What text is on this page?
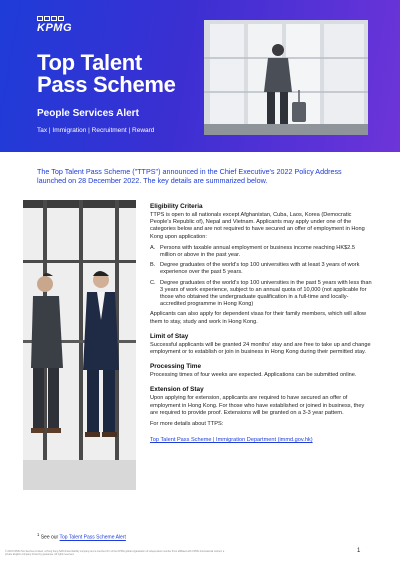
KPMG
Top Talent
Pass Scheme
People Services Alert
Tax | Immigration | Recruitment | Reward
The Top Talent Pass Scheme ("TTPS") announced in the Chief Executive's 2022 Policy Address launched on 28 December 2022. The key details are summarized below.
Eligibility Criteria
TTPS is open to all nationals except Afghanistan, Cuba, Laos, Korea (Democratic People's Republic of), Nepal and Vietnam. Applicants may apply under one of the categories below and are not required to have secured an offer of employment in Hong Kong upon application:
A. Persons with taxable annual employment or business income reaching HK$2.5 million or above in the past year.
B. Degree graduates of the world's top 100 universities with at least 3 years of work experience over the past 5 years.
C. Degree graduates of the world's top 100 universities in the past 5 years with less than 3 years of work experience, subject to an annual quota of 10,000 (not applicable for those who obtained the undergraduate qualification in a full-time and locally-accredited programme in Hong Kong)
Applicants can also apply for dependent visas for their family members, which will allow them to stay, study and work in Hong Kong.
Limit of Stay
Successful applicants will be granted 24 months' stay and are free to take up and change employment or to establish or join in business in Hong Kong during their permitted stay.
Processing Time
Processing times of four weeks are expected. Applications can be submitted online.
Extension of Stay
Upon applying for extension, applicants are required to have secured an offer of employment in Hong Kong. For those who have established or joined in business, they are required to provide proof. Extensions will be granted on a 3-3 year pattern.
For more details about TTPS:
Top Talent Pass Scheme | Immigration Department (immd.gov.hk)
$^1$ See our Top Talent Pass Scheme Alert
© 2023 KPMG Tax Services Limited, a Hong Kong SAR limited liability company and a member firm of the KPMG global organisation of independent member firms affiliated with KPMG International Limited, a private English company limited by guarantee. All rights reserved.
1
